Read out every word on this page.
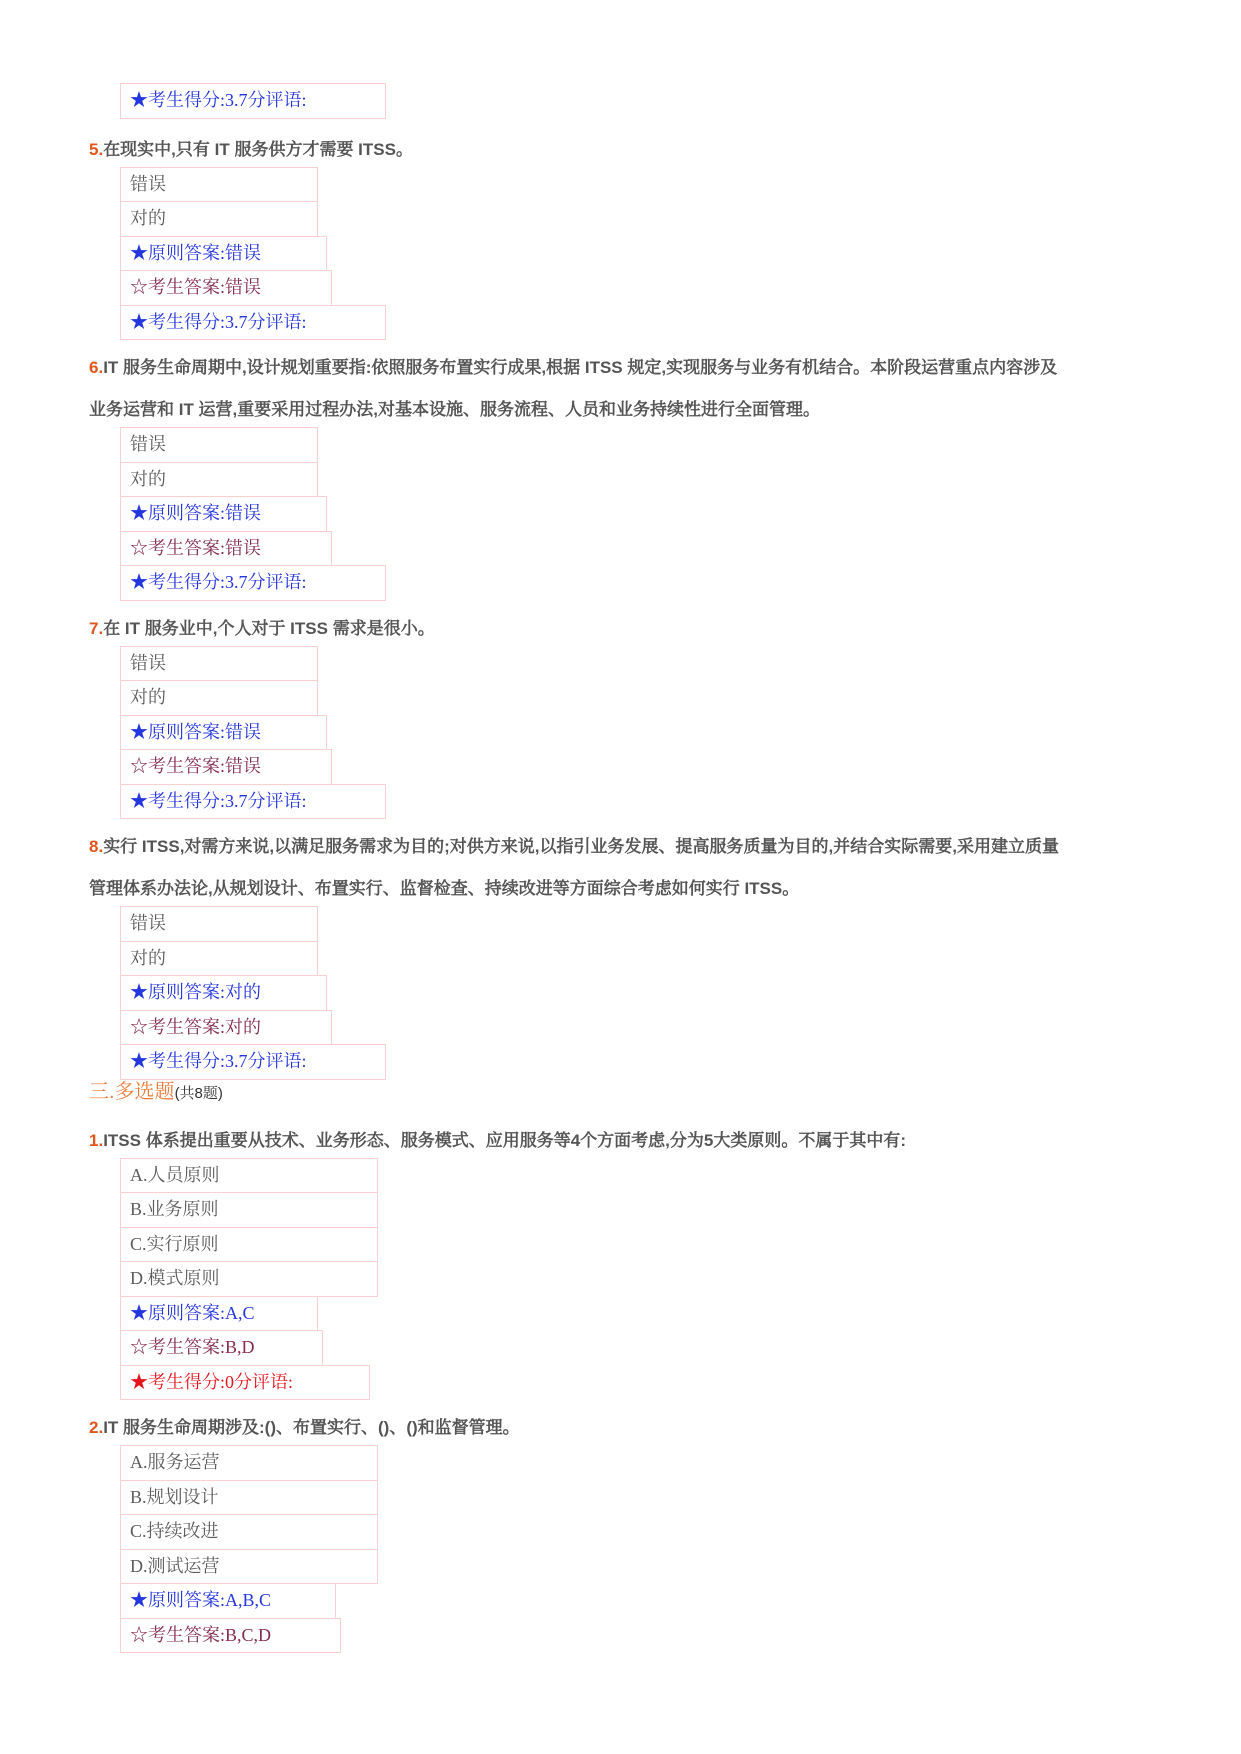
★考生得分:3.7分评语:
5.在现实中,只有 IT 服务供方才需要 ITSS。
错误
对的
★原则答案:错误
☆考生答案:错误
★考生得分:3.7分评语:
6.IT 服务生命周期中,设计规划重要指:依照服务布置实行成果,根据 ITSS 规定,实现服务与业务有机结合。本阶段运营重点内容涉及
业务运营和 IT 运营,重要采用过程办法,对基本设施、服务流程、人员和业务持续性进行全面管理。
错误
对的
★原则答案:错误
☆考生答案:错误
★考生得分:3.7分评语:
7.在 IT 服务业中,个人对于 ITSS 需求是很小。
错误
对的
★原则答案:错误
☆考生答案:错误
★考生得分:3.7分评语:
8.实行 ITSS,对需方来说,以满足服务需求为目的;对供方来说,以指引业务发展、提高服务质量为目的,并结合实际需要,采用建立质量
管理体系办法论,从规划设计、布置实行、监督检查、持续改进等方面综合考虑如何实行 ITSS。
错误
对的
★原则答案:对的
☆考生答案:对的
★考生得分:3.7分评语:
三.多选题(共8题)
1.ITSS 体系提出重要从技术、业务形态、服务模式、应用服务等4个方面考虑,分为5大类原则。不属于其中有:
A.人员原则
B.业务原则
C.实行原则
D.模式原则
★原则答案:A,C
☆考生答案:B,D
★考生得分:0分评语:
2.IT 服务生命周期涉及:()、布置实行、()、()和监督管理。
A.服务运营
B.规划设计
C.持续改进
D.测试运营
★原则答案:A,B,C
☆考生答案:B,C,D
